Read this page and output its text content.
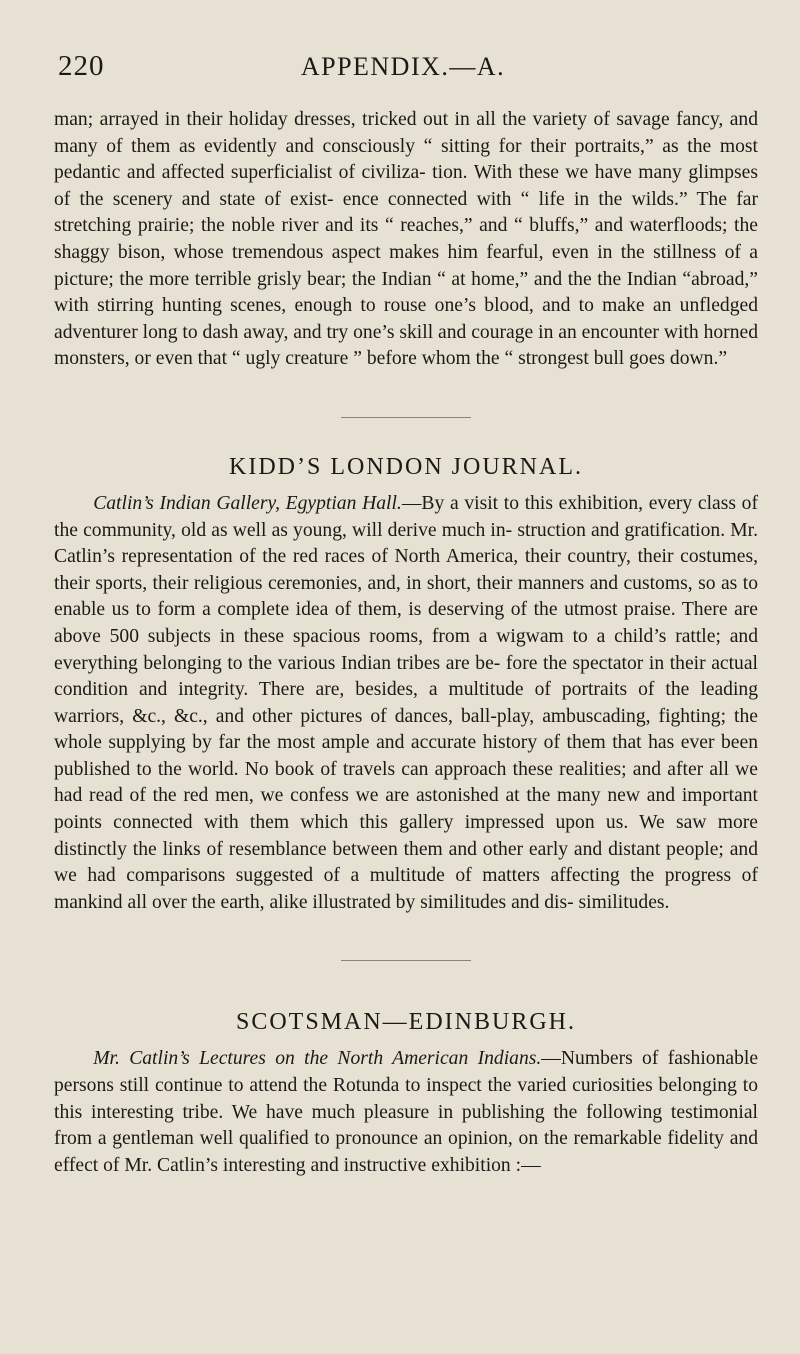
220	APPENDIX.—A.

man; arrayed in their holiday dresses, tricked out in all the variety of savage fancy, and many of them as evidently and consciously “ sitting for their portraits,” as the most pedantic and affected superficialist of civiliza- tion. With these we have many glimpses of the scenery and state of exist- ence connected with “ life in the wilds.” The far stretching prairie; the noble river and its “ reaches,” and “ bluffs,” and waterfloods; the shaggy bison, whose tremendous aspect makes him fearful, even in the stillness of a picture; the more terrible grisly bear; the Indian “ at home,” and the the Indian “abroad,” with stirring hunting scenes, enough to rouse one’s blood, and to make an unfledged adventurer long to dash away, and try one’s skill and courage in an encounter with horned monsters, or even that “ ugly creature ” before whom the “ strongest bull goes down.”

KIDD’S LONDON JOURNAL.

Catlin’s Indian Gallery, Egyptian Hall.—By a visit to this exhibition, every class of the community, old as well as young, will derive much in- struction and gratification. Mr. Catlin’s representation of the red races of North America, their country, their costumes, their sports, their religious ceremonies, and, in short, their manners and customs, so as to enable us to form a complete idea of them, is deserving of the utmost praise. There are above 500 subjects in these spacious rooms, from a wigwam to a child’s rattle; and everything belonging to the various Indian tribes are be- fore the spectator in their actual condition and integrity. There are, besides, a multitude of portraits of the leading warriors, &c., &c., and other pictures of dances, ball-play, ambuscading, fighting; the whole supplying by far the most ample and accurate history of them that has ever been published to the world. No book of travels can approach these realities; and after all we had read of the red men, we confess we are astonished at the many new and important points connected with them which this gallery impressed upon us. We saw more distinctly the links of resemblance between them and other early and distant people; and we had comparisons suggested of a multitude of matters affecting the progress of mankind all over the earth, alike illustrated by similitudes and dis- similitudes.

SCOTSMAN—EDINBURGH.

Mr. Catlin’s Lectures on the North American Indians.—Numbers of fashionable persons still continue to attend the Rotunda to inspect the varied curiosities belonging to this interesting tribe. We have much pleasure in publishing the following testimonial from a gentleman well qualified to pronounce an opinion, on the remarkable fidelity and effect of Mr. Catlin’s interesting and instructive exhibition :—
